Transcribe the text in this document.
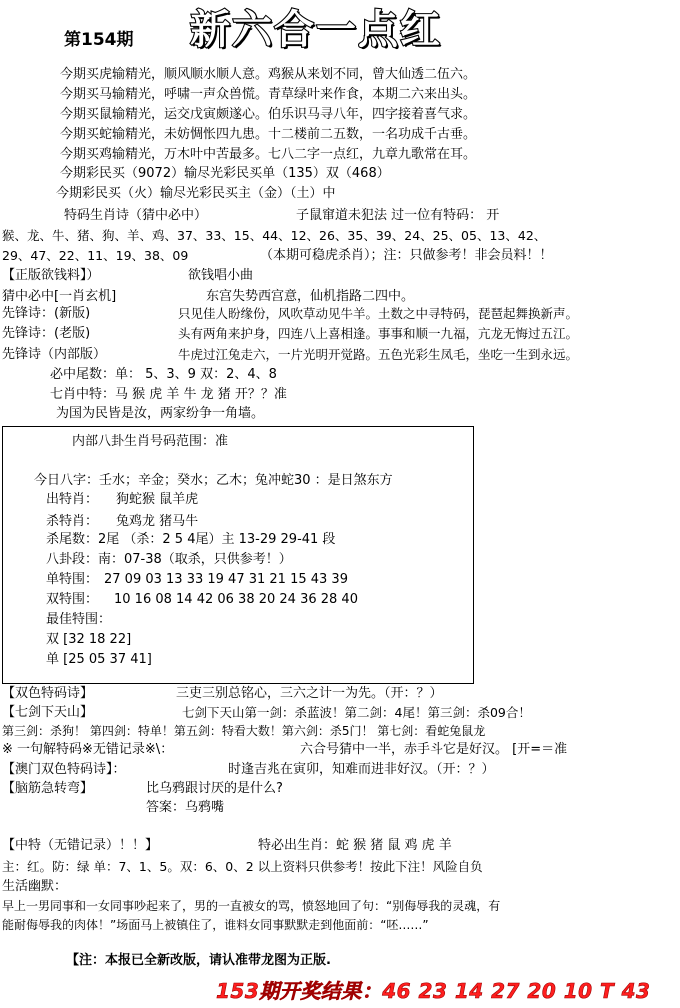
新六合一点红
第154期
今期买虎输精光，顺风顺水顺人意。鸡猴从来划不同，曾大仙透二伍六。
今期买马输精光，呼啸一声众兽慌。青草绿叶来作食，本期二六来出头。
今期买鼠输精光，运交戊寅颇遂心。伯乐识马寻八年，四字接着喜气求。
今期买蛇输精光，未妨惆怅四九患。十二楼前二五数，一名功成千古垂。
今期买鸡输精光，万木叶中苦最多。七八二字一点红，九章九歌常在耳。
今期彩民买（9072）输尽光彩民买单（135）双（468）
今期彩民买（火）输尽光彩民买主（金）（土）中
特码生肖诗（猜中必中）	子鼠窜道未犯法 过一位有特码： 开
猴、龙、牛、猪、狗、羊、鸡、37、33、15、44、12、26、35、39、24、25、05、13、42、
29、47、22、11、19、38、09	（本期可稳虎杀肖）；注：只做参考！非会员料！！
【正版欲钱料】）	欲钱唱小曲
猜中必中[一肖玄机]	东宫失势西宫意，仙机指路二四中。
先锋诗：(新版)	只见佳人盼缘份，风吹草动见牛羊。土数之中寻特码，琵琶起舞换新声。
先锋诗：(老版)	头有两角来护身，四连八上喜相逢。事事和顺一九福，亢龙无悔过五江。
先锋诗（内部版）	牛虎过江兔走六，一片光明开觉路。五色光彩生凤毛，坐吃一生到永远。
必中尾数：单： 5、3、9 双：2、4、8
七肖中特：马 猴 虎 羊 牛 龙 猪 开？？准
为国为民皆是汝，两家纷争一角墙。
内部八卦生肖号码范围：准
今日八字：壬水；辛金；癸水；乙木；兔冲蛇30 ：是日煞东方
出特肖： 狗蛇猴 鼠羊虎
杀特肖： 兔鸡龙 猪马牛
杀尾数：2尾 （杀：2 5 4尾）主 13-29 29-41 段
八卦段：南：07-38（取杀，只供参考！）
单特围： 27 09 03 13 33 19 47 31 21 15 43 39
双特围： 10 16 08 14 42 06 38 20 24 36 28 40
最佳特围：
双 [32 18 22]
单 [25 05 37 41]
【双色特码诗】	三吏三别总铭心，三六之计一为先。（开：？）
【七剑下天山】	七剑下天山第一剑：杀蓝波！第二剑：4尾！第三剑：杀09合！
第三剑：杀狗！ 第四剑：特单！第五剑：特看大数！第六剑：杀5门！ 第七剑：看蛇兔鼠龙
※ 一句解特码※无错记录※\：	六合号猜中一半，赤手斗它是好汉。 [开=＝准
【澳门双色特码诗】：	时逢吉兆在寅卯，知难而进非好汉。（开：？）
【脑筋急转弯】	比乌鸦跟讨厌的是什么?
答案：乌鸦嘴
【中特（无错记录）！！】	特必出生肖：蛇 猴 猪 鼠 鸡 虎 羊
主：红。防：绿 单：7、1、5。双：6、0、2 以上资料只供参考！按此下注！风险自负
生活幽默：
早上一男同事和一女同事吵起来了，男的一直被女的骂，愤怒地回了句：“别侮辱我的灵魂，有
能耐侮辱我的肉体！”场面马上被镇住了，谁料女同事默默走到他面前：“呸……”
【注：本报已全新改版，请认准带龙图为正版.
153期开奖结果：46 23 14 27 20 10 T 43
